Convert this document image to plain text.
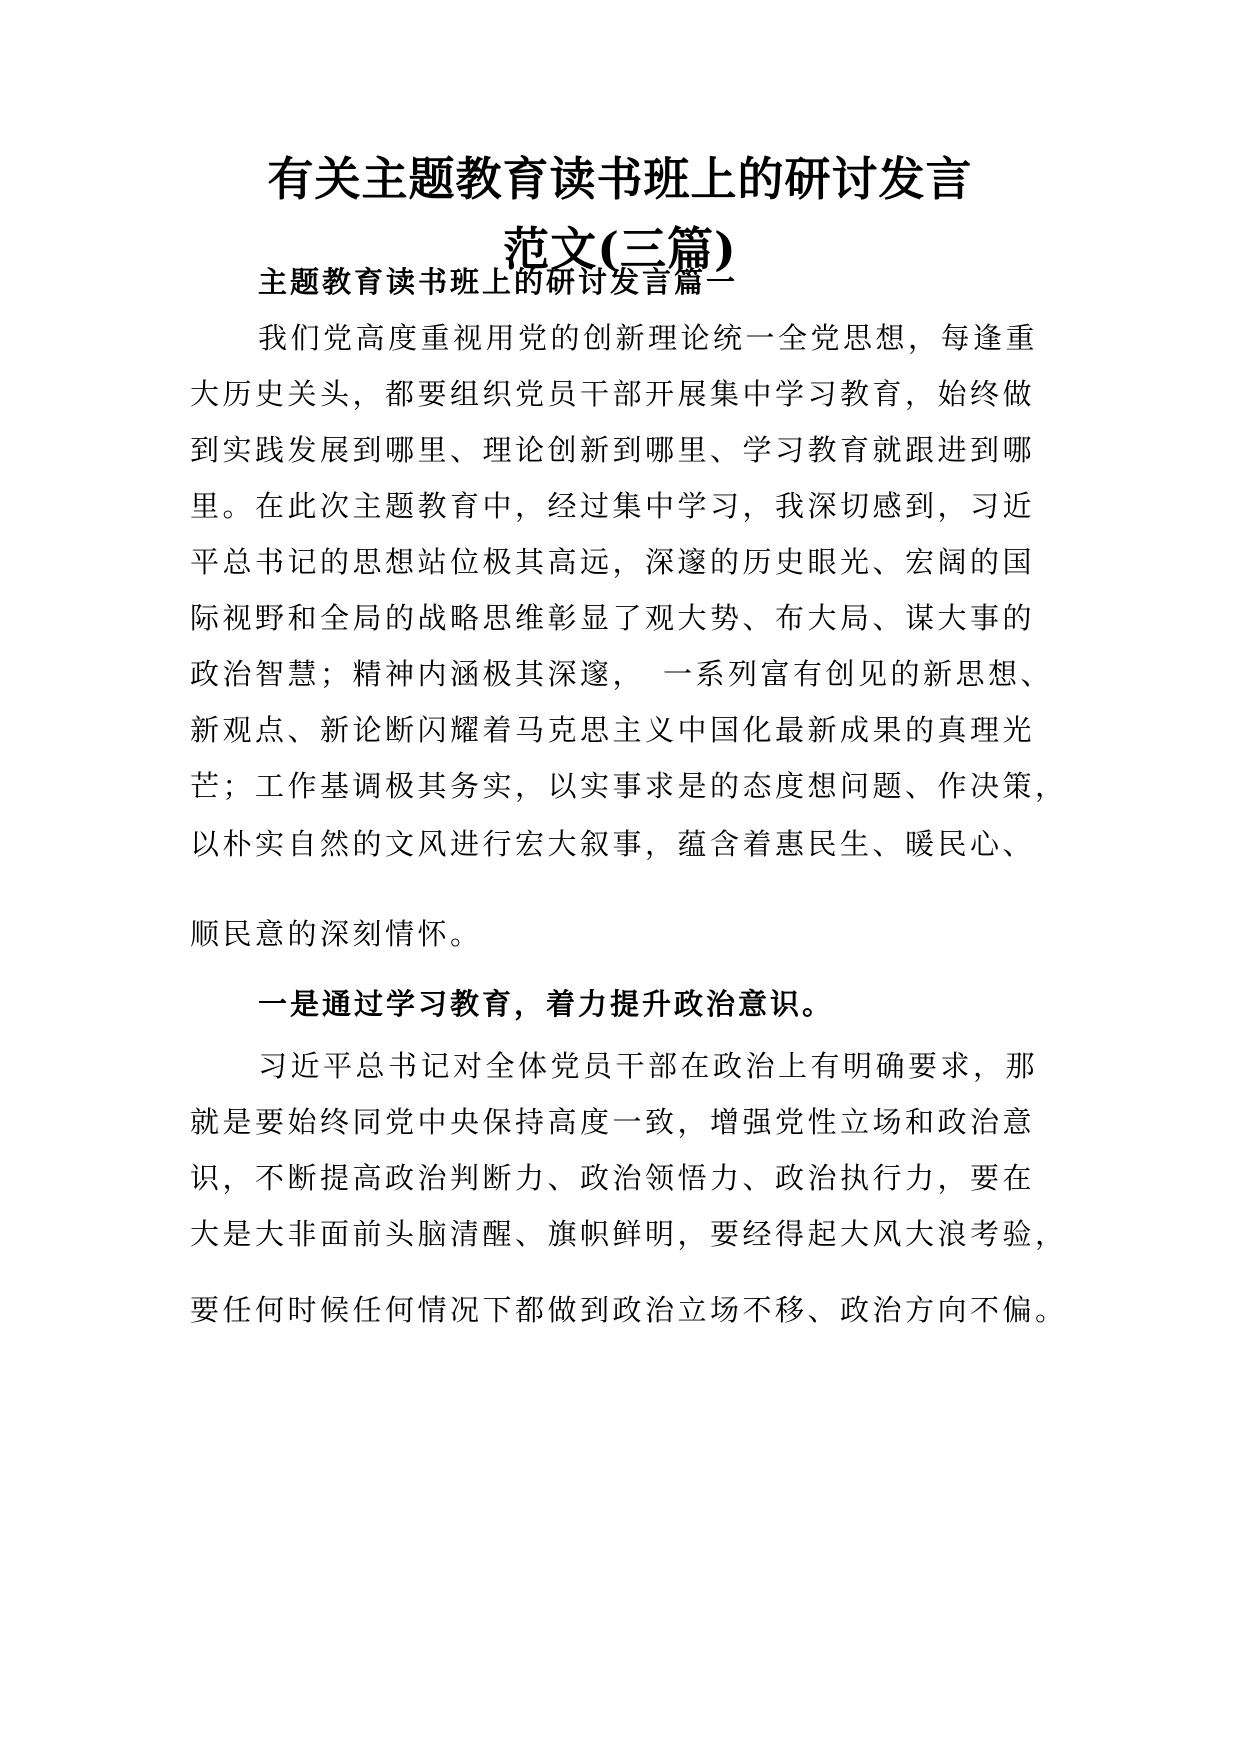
有关主题教育读书班上的研讨发言
范文(三篇)
主题教育读书班上的研讨发言篇一
我们党高度重视用党的创新理论统一全党思想，每逢重
大历史关头，都要组织党员干部开展集中学习教育，始终做
到实践发展到哪里、理论创新到哪里、学习教育就跟进到哪
里。在此次主题教育中，经过集中学习，我深切感到，习近
平总书记的思想站位极其高远，深邃的历史眼光、宏阔的国
际视野和全局的战略思维彰显了观大势、布大局、谋大事的
政治智慧；精神内涵极其深邃，　一系列富有创见的新思想、
新观点、新论断闪耀着马克思主义中国化最新成果的真理光
芒；工作基调极其务实，以实事求是的态度想问题、作决策，
以朴实自然的文风进行宏大叙事，蕴含着惠民生、暖民心、
顺民意的深刻情怀。
一是通过学习教育，着力提升政治意识。
习近平总书记对全体党员干部在政治上有明确要求，那
就是要始终同党中央保持高度一致，增强党性立场和政治意
识，不断提高政治判断力、政治领悟力、政治执行力，要在
大是大非面前头脑清醒、旗帜鲜明，要经得起大风大浪考验，
要任何时候任何情况下都做到政治立场不移、政治方向不偏。
